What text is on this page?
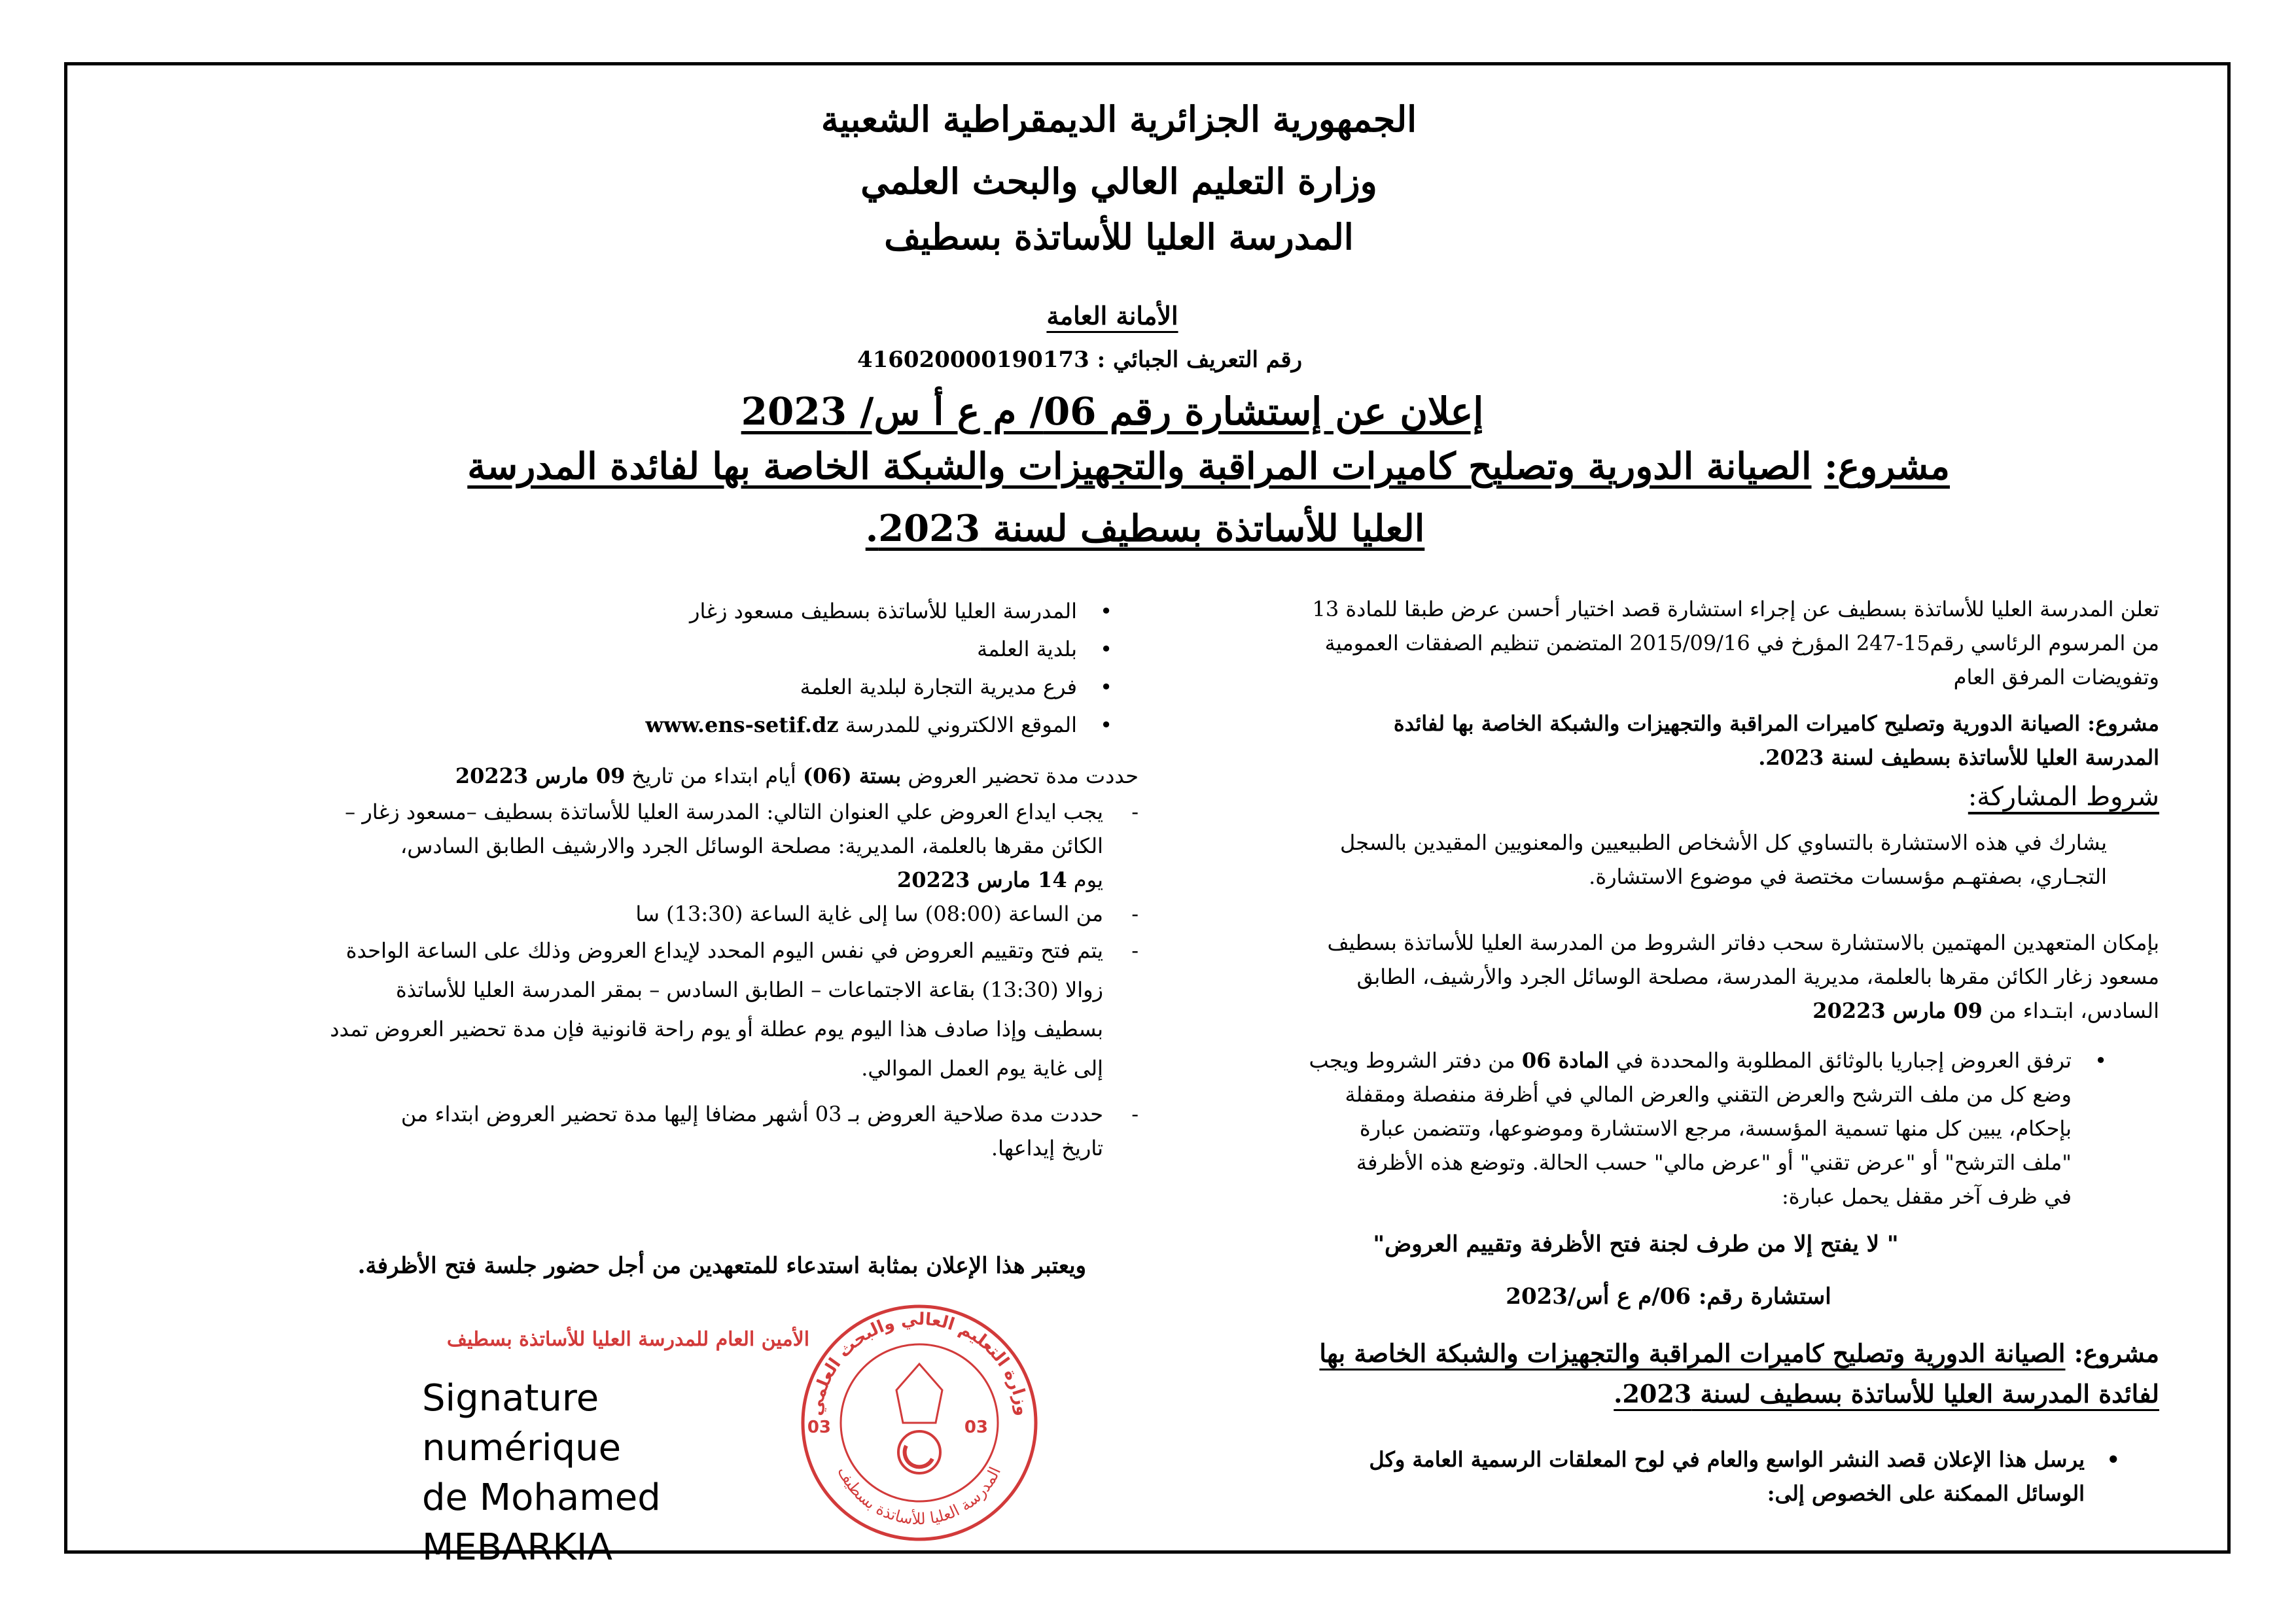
الجمهورية الجزائرية الديمقراطية الشعبية
وزارة التعليم العالي والبحث العلمي
المدرسة العليا للأساتذة بسطيف
الأمانة العامة
رقم التعريف الجبائي : 416020000190173
إعلان عن إستشارة رقم 06/ م ع أ س/ 2023
مشروع: الصيانة الدورية وتصليح كاميرات المراقبة والتجهيزات والشبكة الخاصة بها لفائدة المدرسة
العليا للأساتذة بسطيف لسنة 2023.
تعلن المدرسة العليا للأساتذة بسطيف عن إجراء استشارة قصد اختيار أحسن عرض طبقا للمادة 13
من المرسوم الرئاسي رقم15-247 المؤرخ في 2015/09/16 المتضمن تنظيم الصفقات العمومية
وتفويضات المرفق العام
مشروع: الصيانة الدورية وتصليح كاميرات المراقبة والتجهيزات والشبكة الخاصة بها لفائدة
المدرسة العليا للأساتذة بسطيف لسنة 2023.
شروط المشاركة:
يشارك في هذه الاستشارة بالتساوي كل الأشخاص الطبيعيين والمعنويين المقيدين بالسجل
التجـاري، بصفتهـم مؤسسات مختصة في موضوع الاستشارة.
بإمكان المتعهدين المهتمين بالاستشارة سحب دفاتر الشروط من المدرسة العليا للأساتذة بسطيف
مسعود زغار الكائن مقرها بالعلمة، مديرية المدرسة، مصلحة الوسائل الجرد والأرشيف، الطابق
السادس، ابتـداء من 09 مارس 20223
• ترفق العروض إجباريا بالوثائق المطلوبة والمحددة في المادة 06 من دفتر الشروط ويجب
وضع كل من ملف الترشح والعرض التقني والعرض المالي في أظرفة منفصلة ومقفلة
بإحكام، يبين كل منها تسمية المؤسسة، مرجع الاستشارة وموضوعها، وتتضمن عبارة
"ملف الترشح" أو "عرض تقني" أو "عرض مالي" حسب الحالة. وتوضع هذه الأظرفة
في ظرف آخر مقفل يحمل عبارة:
" لا يفتح إلا من طرف لجنة فتح الأظرفة وتقييم العروض"
استشارة رقم: 06/م ع أس/2023
مشروع: الصيانة الدورية وتصليح كاميرات المراقبة والتجهيزات والشبكة الخاصة بها
لفائدة المدرسة العليا للأساتذة بسطيف لسنة 2023.
• يرسل هذا الإعلان قصد النشر الواسع والعام في لوح المعلقات الرسمية العامة وكل
الوسائل الممكنة على الخصوص إلى:
• المدرسة العليا للأساتذة بسطيف مسعود زغار
• بلدية العلمة
• فرع مديرية التجارة لبلدية العلمة
• الموقع الالكتروني للمدرسة www.ens-setif.dz
حددت مدة تحضير العروض بستة (06) أيام ابتداء من تاريخ 09 مارس 20223
- يجب ايداع العروض علي العنوان التالي: المدرسة العليا للأساتذة بسطيف –مسعود زغار –
الكائن مقرها بالعلمة، المديرية: مصلحة الوسائل الجرد والارشيف الطابق السادس،
يوم 14 مارس 20223
- من الساعة (08:00) سا إلى غاية الساعة (13:30) سا
- يتم فتح وتقييم العروض في نفس اليوم المحدد لإيداع العروض وذلك على الساعة الواحدة
زوالا (13:30) بقاعة الاجتماعات – الطابق السادس – بمقر المدرسة العليا للأساتذة
بسطيف وإذا صادف هذا اليوم يوم عطلة أو يوم راحة قانونية فإن مدة تحضير العروض تمدد
إلى غاية يوم العمل الموالي.
- حددت مدة صلاحية العروض بـ 03 أشهر مضافا إليها مدة تحضير العروض ابتداء من
تاريخ إيداعها.
ويعتبر هذا الإعلان بمثابة استدعاء للمتعهدين من أجل حضور جلسة فتح الأظرفة.
الأمين العام للمدرسة العليا للأساتذة بسطيف
وزارة التعليم العالي والبحث العلمي
المدرسة العليا للأساتذة بسطيف
03	03
Signature numérique
de Mohamed
MEBARKIA
